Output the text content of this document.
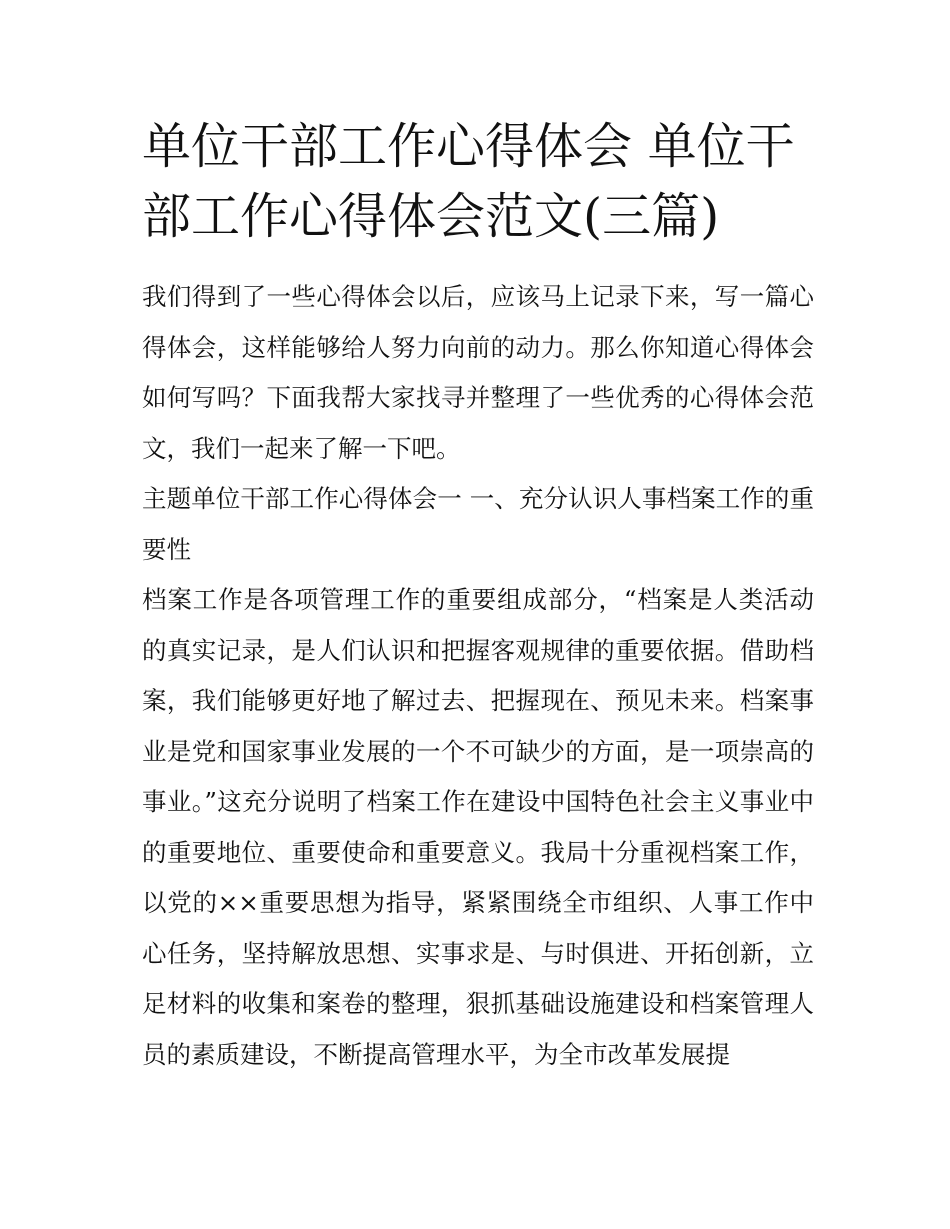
单位干部工作心得体会 单位干部工作心得体会范文(三篇)

我们得到了一些心得体会以后，应该马上记录下来，写一篇心得体会，这样能够给人努力向前的动力。那么你知道心得体会如何写吗？下面我帮大家找寻并整理了一些优秀的心得体会范文，我们一起来了解一下吧。

主题单位干部工作心得体会一 一、充分认识人事档案工作的重要性

档案工作是各项管理工作的重要组成部分，“档案是人类活动的真实记录，是人们认识和把握客观规律的重要依据。借助档案，我们能够更好地了解过去、把握现在、预见未来。档案事业是党和国家事业发展的一个不可缺少的方面，是一项崇高的事业。”这充分说明了档案工作在建设中国特色社会主义事业中的重要地位、重要使命和重要意义。我局十分重视档案工作，以党的××重要思想为指导，紧紧围绕全市组织、人事工作中心任务，坚持解放思想、实事求是、与时俱进、开拓创新，立足材料的收集和案卷的整理，狠抓基础设施建设和档案管理人员的素质建设，不断提高管理水平，为全市改革发展提
